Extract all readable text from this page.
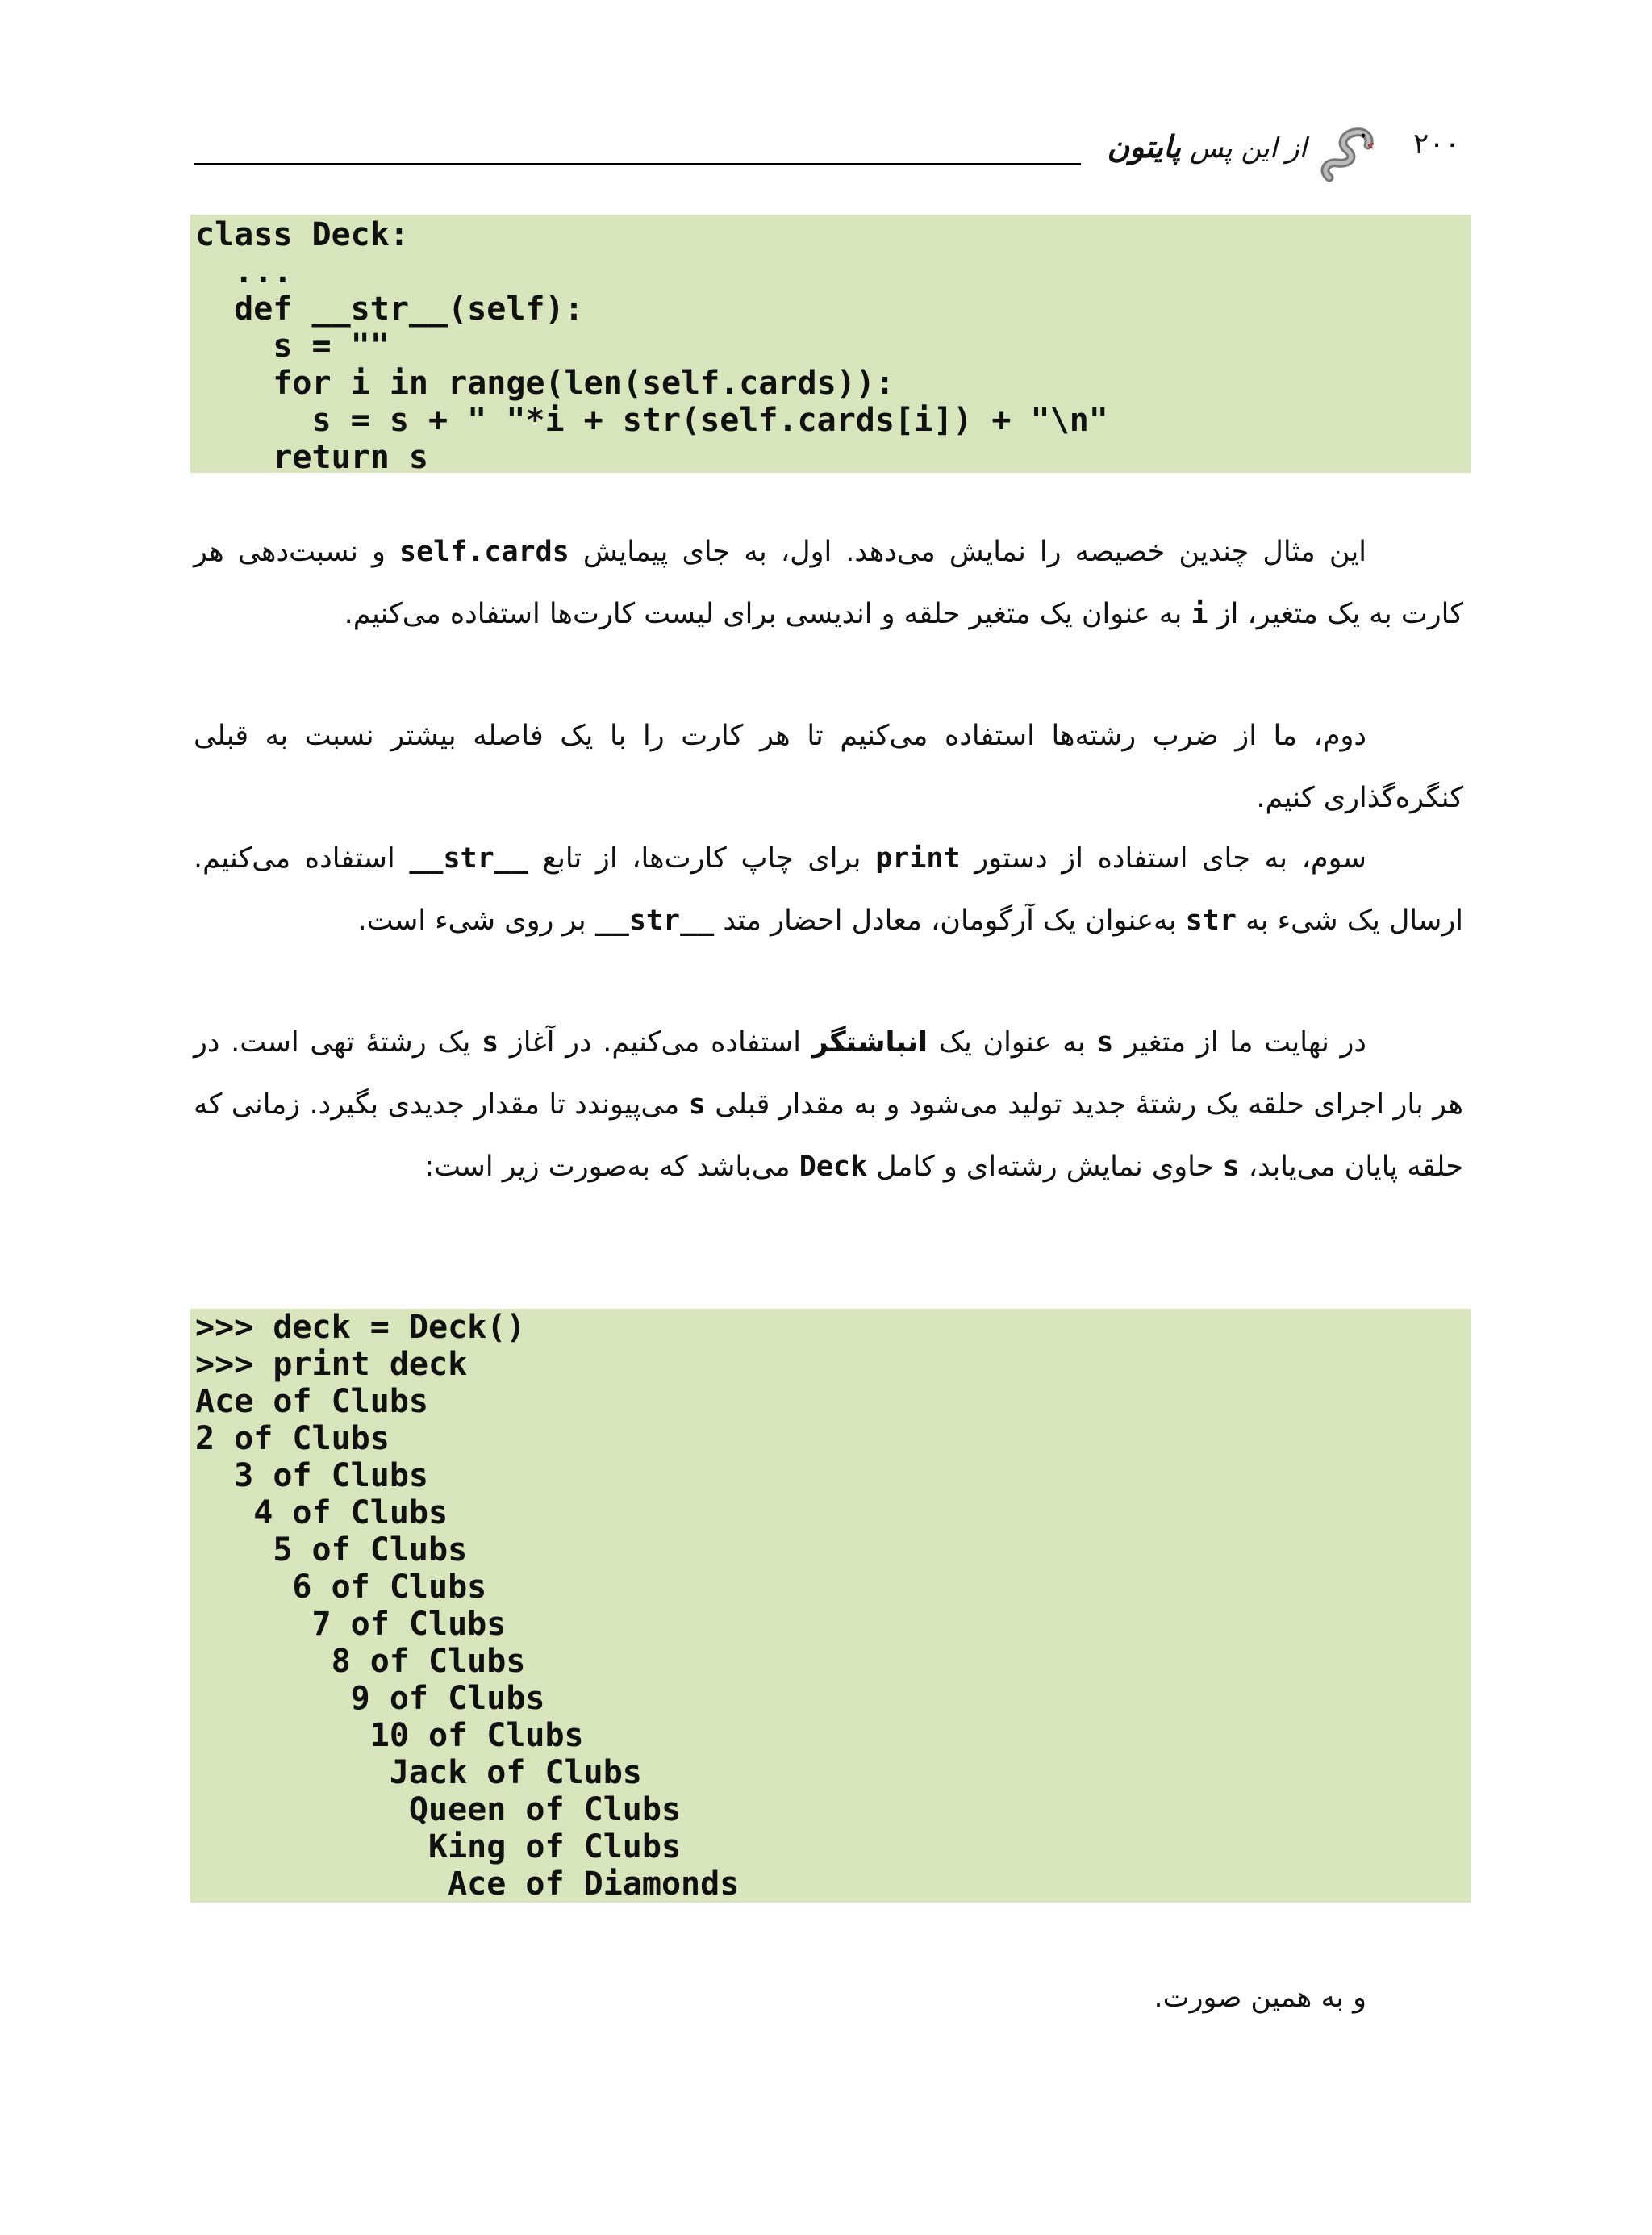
از این پس پایتون	۲۰۰
class Deck:
...
def __str__(self):
s = ""
for i in range(len(self.cards)):
s = s + " "*i + str(self.cards[i]) + "\n"
return s
این مثال چندین خصیصه را نمایش می‌دهد. اول، به جای پیمایش self.cards و نسبت‌دهی هر کارت به یک متغیر، از i به عنوان یک متغیر حلقه و اندیسی برای لیست کارت‌ها استفاده می‌کنیم.
دوم، ما از ضرب رشته‌ها استفاده می‌کنیم تا هر کارت را با یک فاصله بیشتر نسبت به قبلی کنگره‌گذاری کنیم.
سوم، به جای استفاده از دستور print برای چاپ کارت‌ها، از تابع __str__ استفاده می‌کنیم. ارسال یک شیء به str به‌عنوان یک آرگومان، معادل احضار متد __str__ بر روی شیء است.
در نهایت ما از متغیر s به عنوان یک انباشتگر استفاده می‌کنیم. در آغاز s یک رشتهٔ تهی است. در هر بار اجرای حلقه یک رشتهٔ جدید تولید می‌شود و به مقدار قبلی s می‌پیوندد تا مقدار جدیدی بگیرد. زمانی که حلقه پایان می‌یابد، s حاوی نمایش رشته‌ای و کامل Deck می‌باشد که به‌صورت زیر است:
>>> deck = Deck()
>>> print deck
Ace of Clubs
2 of Clubs
3 of Clubs
4 of Clubs
5 of Clubs
6 of Clubs
7 of Clubs
8 of Clubs
9 of Clubs
10 of Clubs
Jack of Clubs
Queen of Clubs
King of Clubs
Ace of Diamonds
و به همین صورت.
